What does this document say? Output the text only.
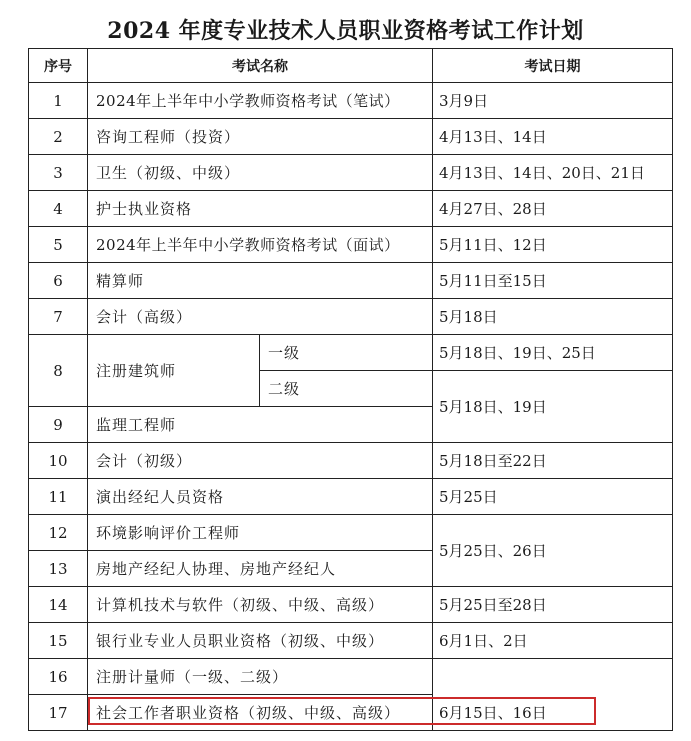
2024 年度专业技术人员职业资格考试工作计划
序号	考试名称		考试日期
1	2024年上半年中小学教师资格考试（笔试）		3月9日
2	咨询工程师（投资）		4月13日、14日
3	卫生（初级、中级）		4月13日、14日、20日、21日
4	护士执业资格		4月27日、28日
5	2024年上半年中小学教师资格考试（面试）		5月11日、12日
6	精算师		5月11日至15日
7	会计（高级）		5月18日
8	注册建筑师	一级	5月18日、19日、25日
		二级	5月18日、19日
9	监理工程师		
10	会计（初级）		5月18日至22日
11	演出经纪人员资格		5月25日
12	环境影响评价工程师		5月25日、26日
13	房地产经纪人协理、房地产经纪人		
14	计算机技术与软件（初级、中级、高级）		5月25日至28日
15	银行业专业人员职业资格（初级、中级）		6月1日、2日
16	注册计量师（一级、二级）		6月15日、16日
17	社会工作者职业资格（初级、中级、高级）		
